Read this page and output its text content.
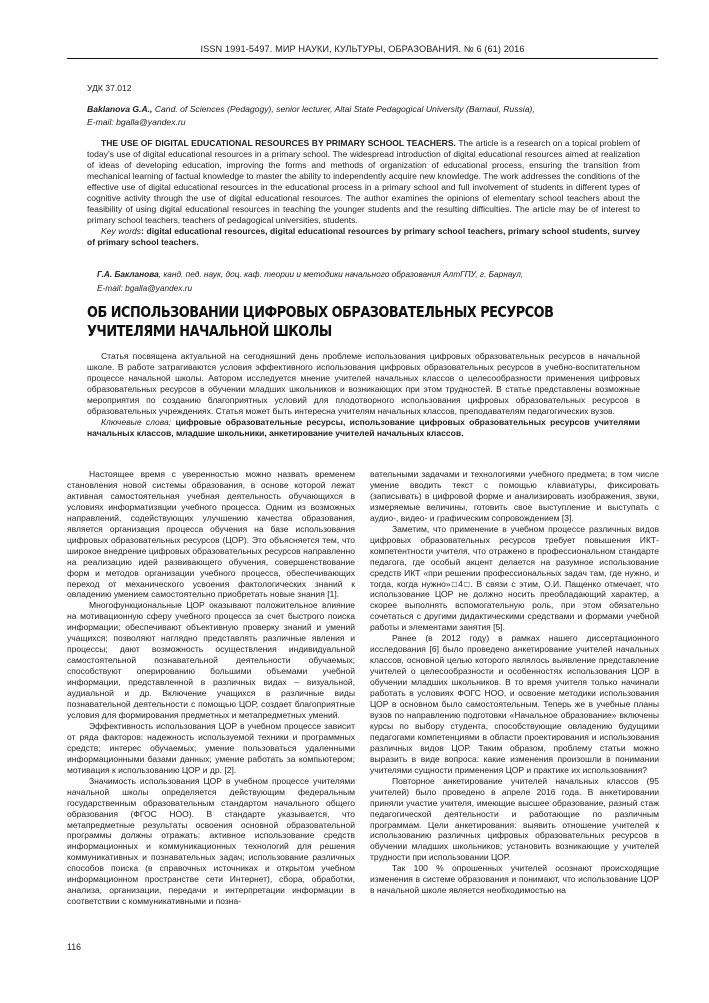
ISSN 1991-5497. МИР НАУКИ, КУЛЬТУРЫ, ОБРАЗОВАНИЯ. № 6 (61) 2016
УДК 37.012
Baklanova G.A., Cand. of Sciences (Pedagogy), senior lecturer, Altai State Pedagogical University (Barnaul, Russia),
E-mail: bgalla@yandex.ru

THE USE OF DIGITAL EDUCATIONAL RESOURCES BY PRIMARY SCHOOL TEACHERS. The article is a research on a topical problem of today’s use of digital educational resources in a primary school. The widespread introduction of digital educational resources aimed at realization of ideas of developing education, improving the forms and methods of organization of educational process, ensuring the transition from mechanical learning of factual knowledge to master the ability to independently acquire new knowledge. The work addresses the conditions of the effective use of digital educational resources in the educational process in a primary school and full involvement of students in different types of cognitive activity through the use of digital educational resources. The author examines the opinions of elementary school teachers about the feasibility of using digital educational resources in teaching the younger students and the resulting difficulties. The article may be of interest to primary school teachers, teachers of pedagogical universities, students.

Key words: digital educational resources, digital educational resources by primary school teachers, primary school students, survey of primary school teachers.

Г.А. Бакланова, канд. пед. наук, доц. каф. теории и методики начального образования АлтГПУ, г. Барнаул,
E-mail: bgalla@yandex.ru
ОБ ИСПОЛЬЗОВАНИИ ЦИФРОВЫХ ОБРАЗОВАТЕЛЬНЫХ РЕСУРСОВ
УЧИТЕЛЯМИ НАЧАЛЬНОЙ ШКОЛЫ

Статья посвящена актуальной на сегодняшний день проблеме использования цифровых образовательных ресурсов в начальной школе. В работе затрагиваются условия эффективного использования цифровых образовательных ресурсов в учебно-воспитательном процессе начальной школы. Автором исследуется мнение учителей начальных классов о целесообразности применения цифровых образовательных ресурсов в обучении младших школьников и возникающих при этом трудностей. В статье представлены возможные мероприятия по созданию благоприятных условий для плодотворного использования цифровых образовательных ресурсов в образовательных учреждениях. Статья может быть интересна учителям начальных классов, преподавателям педагогических вузов.

Ключевые слова: цифровые образовательные ресурсы, использование цифровых образовательных ресурсов учителями начальных классов, младшие школьники, анкетирование учителей начальных классов.

Настоящее время с уверенностью можно назвать временем становления новой системы образования, в основе которой лежат активная самостоятельная учебная деятельность обучающихся в условиях информатизации учебного процесса. Одним из возможных направлений, содействующих улучшению качества образования, является организация процесса обучения на базе использования цифровых образовательных ресурсов (ЦОР). Это объясняется тем, что широкое внедрение цифровых образовательных ресурсов направленно на реализацию идей развивающего обучения, совершенствование форм и методов организации учебного процесса, обеспечивающих переход от механического усвоения фактологических знаний к овладению умением самостоятельно приобретать новые знания [1].

Многофункциональные ЦОР оказывают положительное влияние на мотивационную сферу учебного процесса за счет быстрого поиска информации; обеспечивают объективную проверку знаний и умений учащихся; позволяют наглядно представлять различные явления и процессы; дают возможность осуществления индивидуальной самостоятельной познавательной деятельности обучаемых; способствуют оперированию большими объемами учебной информации, представленной в различных видах – визуальной, аудиальной и др. Включение учащихся в различные виды познавательной деятельности с помощью ЦОР, создает благоприятные условия для формирования предметных и метапредметных умений.

Эффективность использования ЦОР в учебном процессе зависит от ряда факторов: надежность используемой техники и программных средств; интерес обучаемых; умение пользоваться удаленными информационными базами данных; умение работать за компьютером; мотивация к использованию ЦОР и др. [2].

Значимость использования ЦОР в учебном процессе учителями начальной школы определяется действующим федеральным государственным образовательным стандартом начального общего образования (ФГОС НОО). В стандарте указывается, что метапредметные результаты освоения основной образовательной программы должны отражать: активное использование средств информационных и коммуникационных технологий для решения коммуникативных и познавательных задач; использование различных способов поиска (в справочных источниках и открытом учебном информационном пространстве сети Интернет), сбора, обработки, анализа, организации, передачи и интерпретации информации в соответствии с коммуникативными и позна-

вательными задачами и технологиями учебного предмета; в том числе умение вводить текст с помощью клавиатуры, фиксировать (записывать) в цифровой форме и анализировать изображения, звуки, измеряемые величины, готовить свое выступление и выступать с аудио-, видео- и графическим сопровождением [3].

Заметим, что применение в учебном процессе различных видов цифровых образовательных ресурсов требует повышения ИКТ-компетентности учителя, что отражено в профессиональном стандарте педагога, где особый акцент делается на разумное использование средств ИКТ «при решении профессиональных задач там, где нужно, и тогда, когда нужно»□4□. В связи с этим, О.И. Пащенко отмечает, что использование ЦОР не должно носить преобладающий характер, а скорее выполнять вспомогательную роль, при этом обязательно сочетаться с другими дидактическими средствами и формами учебной работы и элементами занятия [5].

Ранее (в 2012 году) в рамках нашего диссертационного исследования [6] было проведено анкетирование учителей начальных классов, основной целью которого являлось выявление представление учителей о целесообразности и особенностях использования ЦОР в обучении младших школьников. В то время учителя только начинали работать в условиях ФОГС НОО, и освоение методики использования ЦОР в основном было самостоятельным. Теперь же в учебные планы вузов по направлению подготовки «Начальное образование» включены курсы по выбору студента, способствующие овладению будущими педагогами компетенциями в области проектирования и использования различных видов ЦОР. Таким образом, проблему статьи можно выразить в виде вопроса: какие изменения произошли в понимании учителями сущности применения ЦОР и практике их использования?

Повторное анкетирование учителей начальных классов (95 учителей) было проведено в апреле 2016 года. В анкетировании приняли участие учителя, имеющие высшее образование, разный стаж педагогической деятельности и работающие по различным программам. Цели анкетирования: выявить отношение учителей к использованию различных цифровых образовательных ресурсов в обучении младших школьников; установить возникающие у учителей трудности при использовании ЦОР.

Так 100 % опрошенных учителей осознают происходящие изменения в системе образования и понимают, что использование ЦОР в начальной школе является необходимостью на

116
